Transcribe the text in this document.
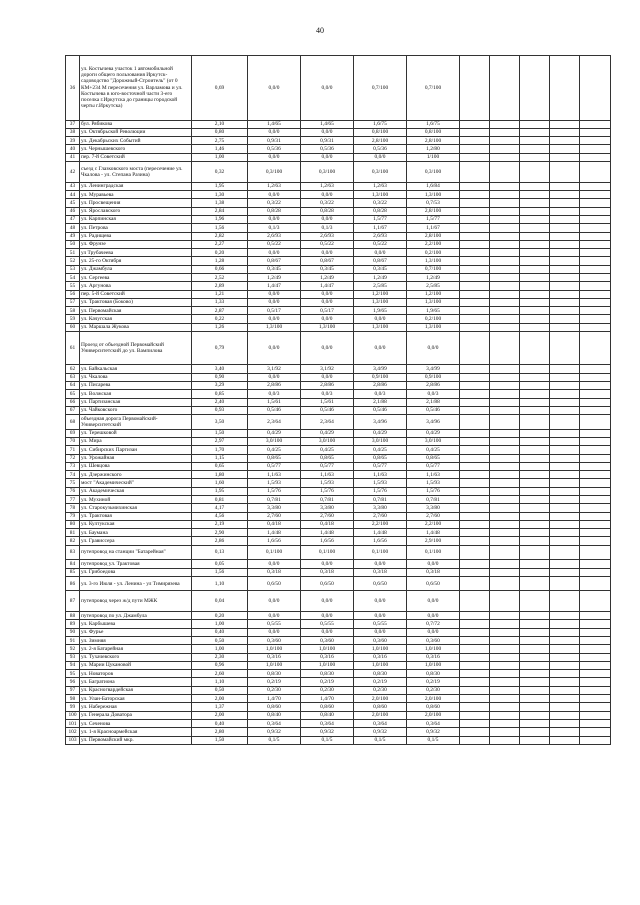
40
36	ул. Костычева участок 1 автомобильной дороги общего пользования Иркутск-садоводство "Дорожный-Строитель" (от 0 КМ+234 М пересечения ул. Варламова и ул. Костычева в юго-восточной части 3-его поселка г.Иркутска до границы городской черты г.Иркутска)	0,69	0,0/0	0,0/0	0,7/100	0,7/100					
37	бул. Рябикова	2,10	1,4/65	1,4/65	1,6/75	1,6/75					
38	ул. Октябрьской Революции	0,80	0,0/0	0,0/0	0,8/100	0,8/100					
39	ул. Декабрьских Событий	2,75	0,9/31	0,9/31	2,8/100	2,8/100					
40	ул. Чернышевского	1,46	0,5/36	0,5/36	0,5/36	1,2/80					
41	пер. 7-й Советский	1,00	0,0/0	0,0/0	0,0/0	1/100					
42	съезд с Глазковского моста (пересечение ул. Чкалова - ул. Степана Разина)	0,32	0,3/100	0,3/100	0,3/100	0,3/100					
43	ул. Ленинградская	1,95	1,2/63	1,2/63	1,2/63	1,6/84					
44	ул. Муравьева	1,30	0,0/0	0,0/0	1,3/100	1,3/100					
45	ул. Просвещения	1,38	0,3/22	0,3/22	0,3/22	0,7/53					
46	ул. Ярославского	2,84	0,8/28	0,8/28	0,8/28	2,8/100					
47	ул. Карпинская	1,96	0,0/0	0,0/0	1,5/77	1,5/77					
48	ул. Петрова	1,56	0,1/3	0,1/3	1,1/67	1,1/67					
49	ул. Радищева	2,82	2,6/93	2,6/93	2,6/93	2,8/100					
50	ул. Фрунзе	2,27	0,5/22	0,5/22	0,5/22	2,2/100					
51	ул Трубачеева	0,20	0,0/0	0,0/0	0,0/0	0,2/100					
52	ул. 25-го Октября	1,28	0,8/67	0,8/67	0,8/67	1,3/100					
53	ул. Джамбула	0,66	0,3/45	0,3/45	0,3/45	0,7/100					
54	ул. Сергеева	2,52	1,2/49	1,2/49	1,2/49	1,2/49					
55	ул. Аргунова	2,89	1,4/47	1,4/47	2,5/85	2,5/85					
56	пер. 5-й Советский	1,21	0,0/0	0,0/0	1,2/100	1,2/100					
57	ул. Трактовая (Боково)	1,33	0,0/0	0,0/0	1,3/100	1,3/100					
58	ул. Первомайская	2,87	0,5/17	0,5/17	1,9/65	1,9/65					
59	ул. Качугская	0,22	0,0/0	0,0/0	0,0/0	0,2/100					
60	ул. Маршала Жукова	1,26	1,3/100	1,3/100	1,3/100	1,3/100					
61	Проезд от объездной Первомайский Университетский до ул. Вампилова	0,79	0,0/0	0,0/0	0,0/0	0,0/0					
62	ул. Байкальская	3,40	3,1/92	3,1/92	3,4/99	3,4/99					
63	ул. Чкалова	0,90	0,0/0	0,0/0	0,9/100	0,9/100					
64	ул. Писарева	3,29	2,8/86	2,8/86	2,8/86	2,8/86					
65	ул. Волжская	0,85	0,0/3	0,0/3	0,0/3	0,0/3					
66	ул. Партизанская	2,40	1,5/61	1,5/61	2,1/88	2,1/88					
67	ул. Чайковского	0,93	0,5/46	0,5/46	0,5/46	0,5/46					
68	объездная дорога Первомайский-Университетский	3,50	2,3/64	2,3/64	3,4/96	3,4/96					
69	ул. Терешковой	1,50	0,4/29	0,4/29	0,4/29	0,4/29					
70	ул. Мира	2,97	3,0/100	3,0/100	3,0/100	3,0/100					
71	ул. Сибирских Партизан	1,70	0,4/25	0,4/25	0,4/25	0,4/25					
72	ул. Урожайная	1,15	0,8/65	0,8/65	0,8/65	0,8/65					
73	ул. Шевцова	0,65	0,5/77	0,5/77	0,5/77	0,5/77					
74	ул. Дзержинского	1,80	1,1/63	1,1/63	1,1/63	1,1/63					
75	мост "Академический"	1,60	1,5/93	1,5/93	1,5/93	1,5/93					
76	ул. Академическая	1,95	1,5/76	1,5/76	1,5/76	1,5/76					
77	ул. Мухиной	0,81	0,7/81	0,7/81	0,7/81	0,7/81					
78	ул. Старокузьмихинская	4,17	3,3/80	3,3/80	3,3/80	3,3/80					
79	ул. Трактовая	4,56	2,7/60	2,7/60	2,7/60	2,7/60					
80	ул. Култукская	2,19	0,4/18	0,4/18	2,2/100	2,2/100					
81	ул. Баумана	2,90	1,4/48	1,4/48	1,4/48	1,4/48					
82	ул. Грависсера	2,86	1,6/56	1,6/56	1,6/56	2,9/100					
83	путепровод на станции "Батарейная"	0,13	0,1/100	0,1/100	0,1/100	0,1/100					
84	путепровод ул. Трактовая	0,05	0,0/0	0,0/0	0,0/0	0,0/0					
85	ул. Грибоедова	1,56	0,3/18	0,3/18	0,3/18	0,3/18					
86	ул. 3-го Июля - ул. Ленина - ул Тимирязева	1,10	0,6/50	0,6/50	0,6/50	0,6/50					
87	путепровод через ж/д пути МЖК	0,04	0,0/0	0,0/0	0,0/0	0,0/0					
88	путепровод по ул. Джамбула	0,20	0,0/0	0,0/0	0,0/0	0,0/0					
89	ул. Карбышева	1,00	0,5/55	0,5/55	0,5/55	0,7/72					
90	ул. Фурье	0,40	0,0/0	0,0/0	0,0/0	0,0/0					
91	ул. Зимняя	0,50	0,3/60	0,3/60	0,3/60	0,3/60					
92	ул. 2-я Батарейная	1,00	1,0/100	1,0/100	1,0/100	1,0/100					
93	ул. Тухачевского	2,30	0,3/16	0,3/16	0,3/16	0,3/16					
94	ул. Марии Цукановой	0,96	1,0/100	1,0/100	1,0/100	1,0/100					
95	ул. Новаторов	2,60	0,8/30	0,8/30	0,8/30	0,8/30					
96	ул. Багратиона	1,10	0,2/19	0,2/19	0,2/19	0,2/19					
97	ул. Красногвардейская	0,50	0,2/30	0,2/30	0,2/30	0,2/30					
98	ул. Улан-Баторская	2,00	1,4/70	1,4/70	2,0/100	2,0/100					
99	ул. Набережная	1,37	0,8/60	0,8/60	0,8/60	0,8/60					
100	ул. Генерала Доватора	2,00	0,8/40	0,8/40	2,0/100	2,0/100					
101	ул. Сеченова	0,40	0,3/64	0,3/64	0,3/64	0,3/64					
102	ул. 1-я Красноармейская	2,80	0,9/32	0,9/32	0,9/32	0,9/32					
103	ул. Первомайский мкр.	1,50	0,1/5	0,1/5	0,1/5	0,1/5					
